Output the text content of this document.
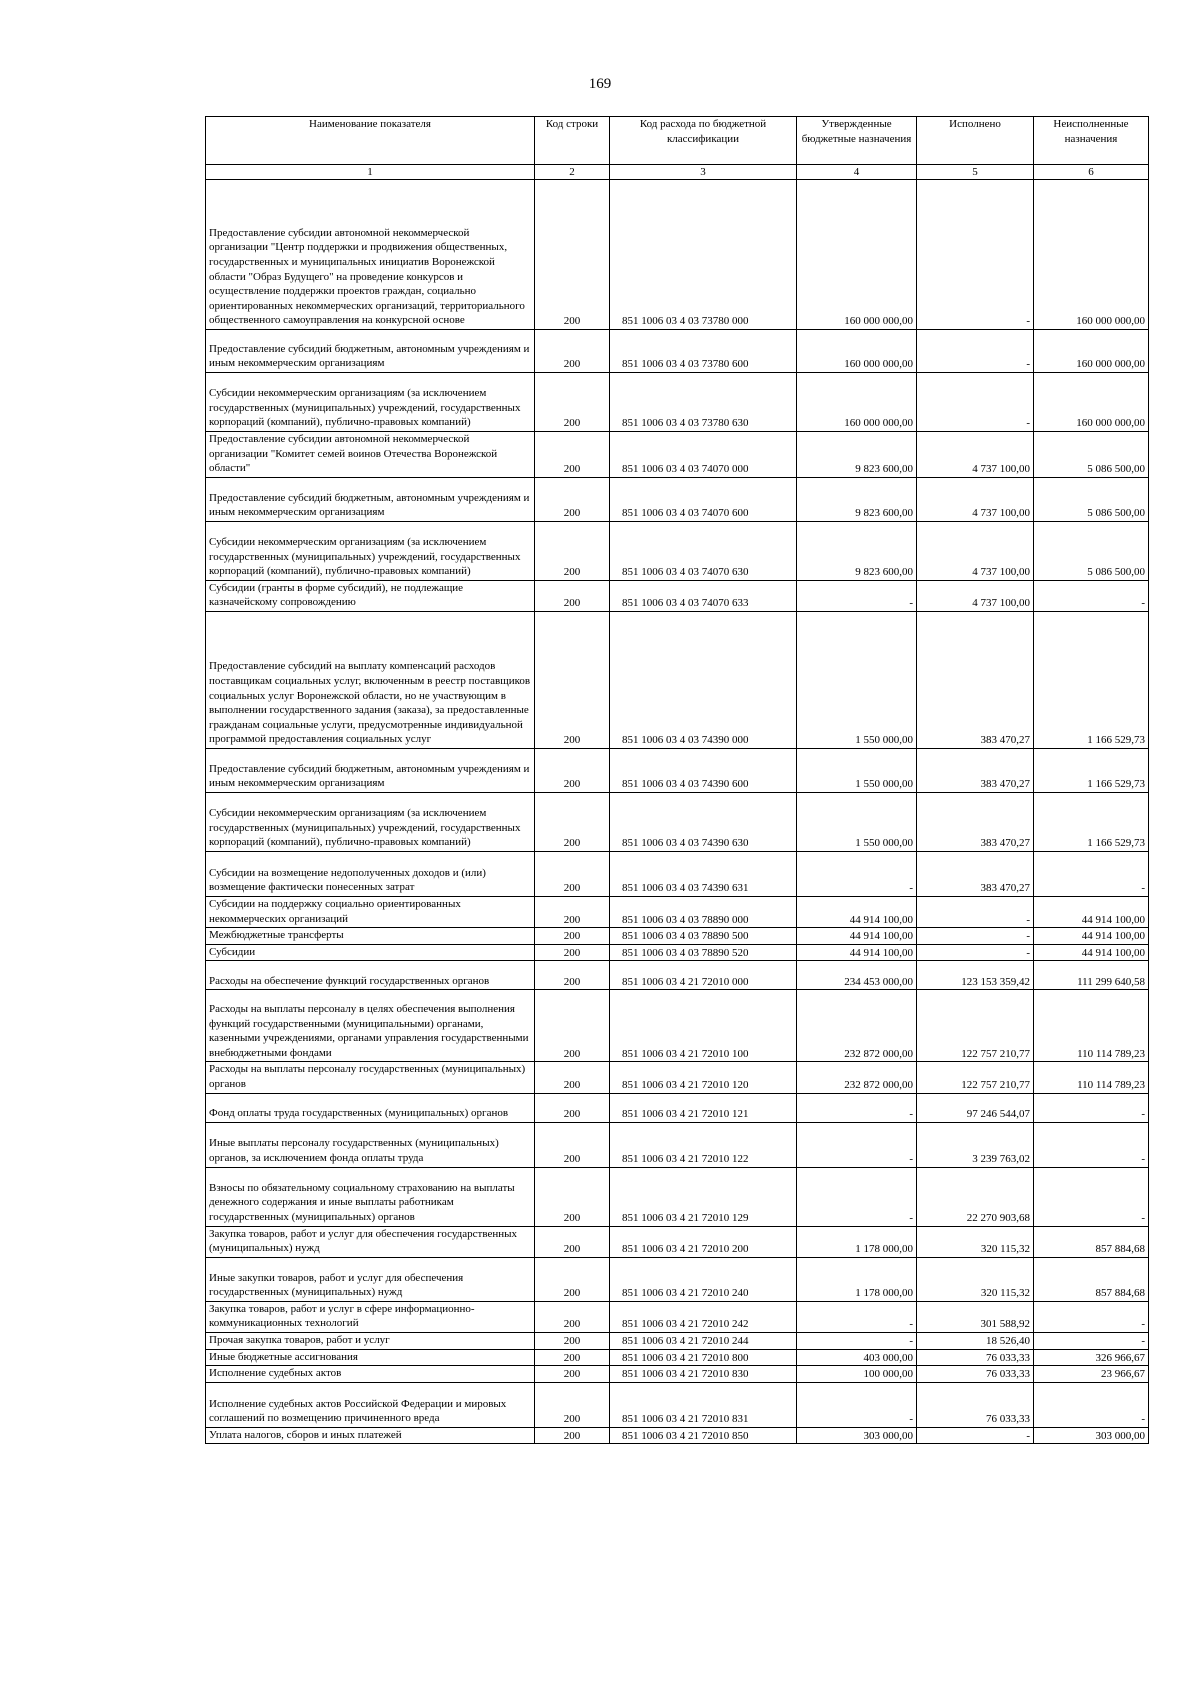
169
Наименование показателя	Код строки	Код расхода по бюджетной классификации	Утвержденные бюджетные назначения	Исполнено	Неисполненные назначения
1	2	3	4	5	6
Предоставление субсидии автономной некоммерческой организации "Центр поддержки и продвижения общественных, государственных и муниципальных инициатив Воронежской области "Образ Будущего" на проведение конкурсов и осуществление поддержки проектов граждан, социально ориентированных некоммерческих организаций, территориального общественного самоуправления на конкурсной основе	200	851 1006 03 4 03 73780 000	160 000 000,00	-	160 000 000,00
Предоставление субсидий бюджетным, автономным учреждениям и иным некоммерческим организациям	200	851 1006 03 4 03 73780 600	160 000 000,00	-	160 000 000,00
Субсидии некоммерческим организациям (за исключением государственных (муниципальных) учреждений, государственных корпораций (компаний), публично-правовых компаний)	200	851 1006 03 4 03 73780 630	160 000 000,00	-	160 000 000,00
Предоставление субсидии автономной некоммерческой организации "Комитет семей воинов Отечества Воронежской области"	200	851 1006 03 4 03 74070 000	9 823 600,00	4 737 100,00	5 086 500,00
Предоставление субсидий бюджетным, автономным учреждениям и иным некоммерческим организациям	200	851 1006 03 4 03 74070 600	9 823 600,00	4 737 100,00	5 086 500,00
Субсидии некоммерческим организациям (за исключением государственных (муниципальных) учреждений, государственных корпораций (компаний), публично-правовых компаний)	200	851 1006 03 4 03 74070 630	9 823 600,00	4 737 100,00	5 086 500,00
Субсидии (гранты в форме субсидий), не подлежащие казначейскому сопровождению	200	851 1006 03 4 03 74070 633	-	4 737 100,00	-
Предоставление субсидий на выплату компенсаций расходов поставщикам социальных услуг, включенным в реестр поставщиков социальных услуг Воронежской области, но не участвующим в выполнении государственного задания (заказа), за предоставленные гражданам социальные услуги, предусмотренные индивидуальной программой предоставления социальных услуг	200	851 1006 03 4 03 74390 000	1 550 000,00	383 470,27	1 166 529,73
Предоставление субсидий бюджетным, автономным учреждениям и иным некоммерческим организациям	200	851 1006 03 4 03 74390 600	1 550 000,00	383 470,27	1 166 529,73
Субсидии некоммерческим организациям (за исключением государственных (муниципальных) учреждений, государственных корпораций (компаний), публично-правовых компаний)	200	851 1006 03 4 03 74390 630	1 550 000,00	383 470,27	1 166 529,73
Субсидии на возмещение недополученных доходов и (или) возмещение фактически понесенных затрат	200	851 1006 03 4 03 74390 631	-	383 470,27	-
Субсидии на поддержку социально ориентированных некоммерческих организаций	200	851 1006 03 4 03 78890 000	44 914 100,00	-	44 914 100,00
Межбюджетные трансферты	200	851 1006 03 4 03 78890 500	44 914 100,00	-	44 914 100,00
Субсидии	200	851 1006 03 4 03 78890 520	44 914 100,00	-	44 914 100,00
Расходы на обеспечение функций государственных органов	200	851 1006 03 4 21 72010 000	234 453 000,00	123 153 359,42	111 299 640,58
Расходы на выплаты персоналу в целях обеспечения выполнения функций государственными (муниципальными) органами, казенными учреждениями, органами управления государственными внебюджетными фондами	200	851 1006 03 4 21 72010 100	232 872 000,00	122 757 210,77	110 114 789,23
Расходы на выплаты персоналу государственных (муниципальных) органов	200	851 1006 03 4 21 72010 120	232 872 000,00	122 757 210,77	110 114 789,23
Фонд оплаты труда государственных (муниципальных) органов	200	851 1006 03 4 21 72010 121	-	97 246 544,07	-
Иные выплаты персоналу государственных (муниципальных) органов, за исключением фонда оплаты труда	200	851 1006 03 4 21 72010 122	-	3 239 763,02	-
Взносы по обязательному социальному страхованию на выплаты денежного содержания и иные выплаты работникам государственных (муниципальных) органов	200	851 1006 03 4 21 72010 129	-	22 270 903,68	-
Закупка товаров, работ и услуг для обеспечения государственных (муниципальных) нужд	200	851 1006 03 4 21 72010 200	1 178 000,00	320 115,32	857 884,68
Иные закупки товаров, работ и услуг для обеспечения государственных (муниципальных) нужд	200	851 1006 03 4 21 72010 240	1 178 000,00	320 115,32	857 884,68
Закупка товаров, работ и услуг в сфере информационно-коммуникационных технологий	200	851 1006 03 4 21 72010 242	-	301 588,92	-
Прочая закупка товаров, работ и услуг	200	851 1006 03 4 21 72010 244	-	18 526,40	-
Иные бюджетные ассигнования	200	851 1006 03 4 21 72010 800	403 000,00	76 033,33	326 966,67
Исполнение судебных актов	200	851 1006 03 4 21 72010 830	100 000,00	76 033,33	23 966,67
Исполнение судебных актов Российской Федерации и мировых соглашений по возмещению причиненного вреда	200	851 1006 03 4 21 72010 831	-	76 033,33	-
Уплата налогов, сборов и иных платежей	200	851 1006 03 4 21 72010 850	303 000,00	-	303 000,00
